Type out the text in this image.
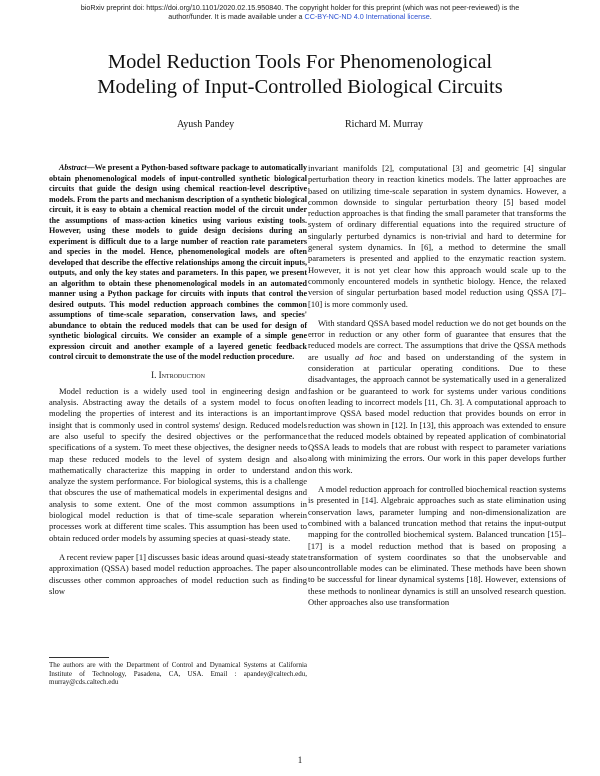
bioRxiv preprint doi: https://doi.org/10.1101/2020.02.15.950840. The copyright holder for this preprint (which was not peer-reviewed) is the
author/funder. It is made available under a CC-BY-NC-ND 4.0 International license.
Model Reduction Tools For Phenomenological
Modeling of Input-Controlled Biological Circuits
Ayush Pandey	Richard M. Murray

Abstract—We present a Python-based software package to automatically obtain phenomenological models of input-controlled synthetic biological circuits that guide the design using chemical reaction-level descriptive models. From the parts and mechanism description of a synthetic biological circuit, it is easy to obtain a chemical reaction model of the circuit under the assumptions of mass-action kinetics using various existing tools. However, using these models to guide design decisions during an experiment is difficult due to a large number of reaction rate parameters and species in the model. Hence, phenomenological models are often developed that describe the effective relationships among the circuit inputs, outputs, and only the key states and parameters. In this paper, we present an algorithm to obtain these phenomenological models in an automated manner using a Python package for circuits with inputs that control the desired outputs. This model reduction approach combines the common assumptions of time-scale separation, conservation laws, and species' abundance to obtain the reduced models that can be used for design of synthetic biological circuits. We consider an example of a simple gene expression circuit and another example of a layered genetic feedback control circuit to demonstrate the use of the model reduction procedure.

I. Introduction

Model reduction is a widely used tool in engineering design and analysis. Abstracting away the details of a system model to focus on modeling the properties of interest and its interactions is an important insight that is commonly used in control systems' design. Reduced models are also useful to specify the desired objectives or the performance specifications of a system. To meet these objectives, the designer needs to map these reduced models to the level of system design and also mathematically characterize this mapping in order to understand and analyze the system performance. For biological systems, this is a challenge that obscures the use of mathematical models in experimental designs and analysis to some extent. One of the most common assumptions in biological model reduction is that of time-scale separation wherein processes work at different time scales. This assumption has been used to obtain reduced order models by assuming species at quasi-steady state.

A recent review paper [1] discusses basic ideas around quasi-steady state approximation (QSSA) based model reduction approaches. The paper also discusses other common approaches of model reduction such as finding slow

invariant manifolds [2], computational [3] and geometric [4] singular perturbation theory in reaction kinetics models. The latter approaches are based on utilizing time-scale separation in system dynamics. However, a common downside to singular perturbation theory [5] based model reduction approaches is that finding the small parameter that transforms the system of ordinary differential equations into the required structure of singularly perturbed dynamics is non-trivial and hard to determine for general system dynamics. In [6], a method to determine the small parameters is presented and applied to the enzymatic reaction system. However, it is not yet clear how this approach would scale up to the commonly encountered models in synthetic biology. Hence, the relaxed version of singular perturbation based model reduction using QSSA [7]–[10] is more commonly used.

With standard QSSA based model reduction we do not get bounds on the error in reduction or any other form of guarantee that ensures that the reduced models are correct. The assumptions that drive the QSSA methods are usually ad hoc and based on understanding of the system in consideration at particular operating conditions. Due to these disadvantages, the approach cannot be systematically used in a generalized fashion or be guaranteed to work for systems under various conditions often leading to incorrect models [11, Ch. 3]. A computational approach to improve QSSA based model reduction that provides bounds on error in reduction was shown in [12]. In [13], this approach was extended to ensure that the reduced models obtained by repeated application of combinatorial QSSA leads to models that are robust with respect to parameter variations along with minimizing the errors. Our work in this paper develops further on this work.

A model reduction approach for controlled biochemical reaction systems is presented in [14]. Algebraic approaches such as state elimination using conservation laws, parameter lumping and non-dimensionalization are combined with a balanced truncation method that retains the input-output mapping for the controlled biochemical system. Balanced truncation [15]–[17] is a model reduction method that is based on proposing a transformation of system coordinates so that the unobservable and uncontrollable modes can be eliminated. These methods have been shown to be successful for linear dynamical systems [18]. However, extensions of these methods to nonlinear dynamics is still an unsolved research question. Other approaches also use transformation

The authors are with the Department of Control and Dynamical Systems at California Institute of Technology, Pasadena, CA, USA. Email : apandey@caltech.edu, murray@cds.caltech.edu
1
